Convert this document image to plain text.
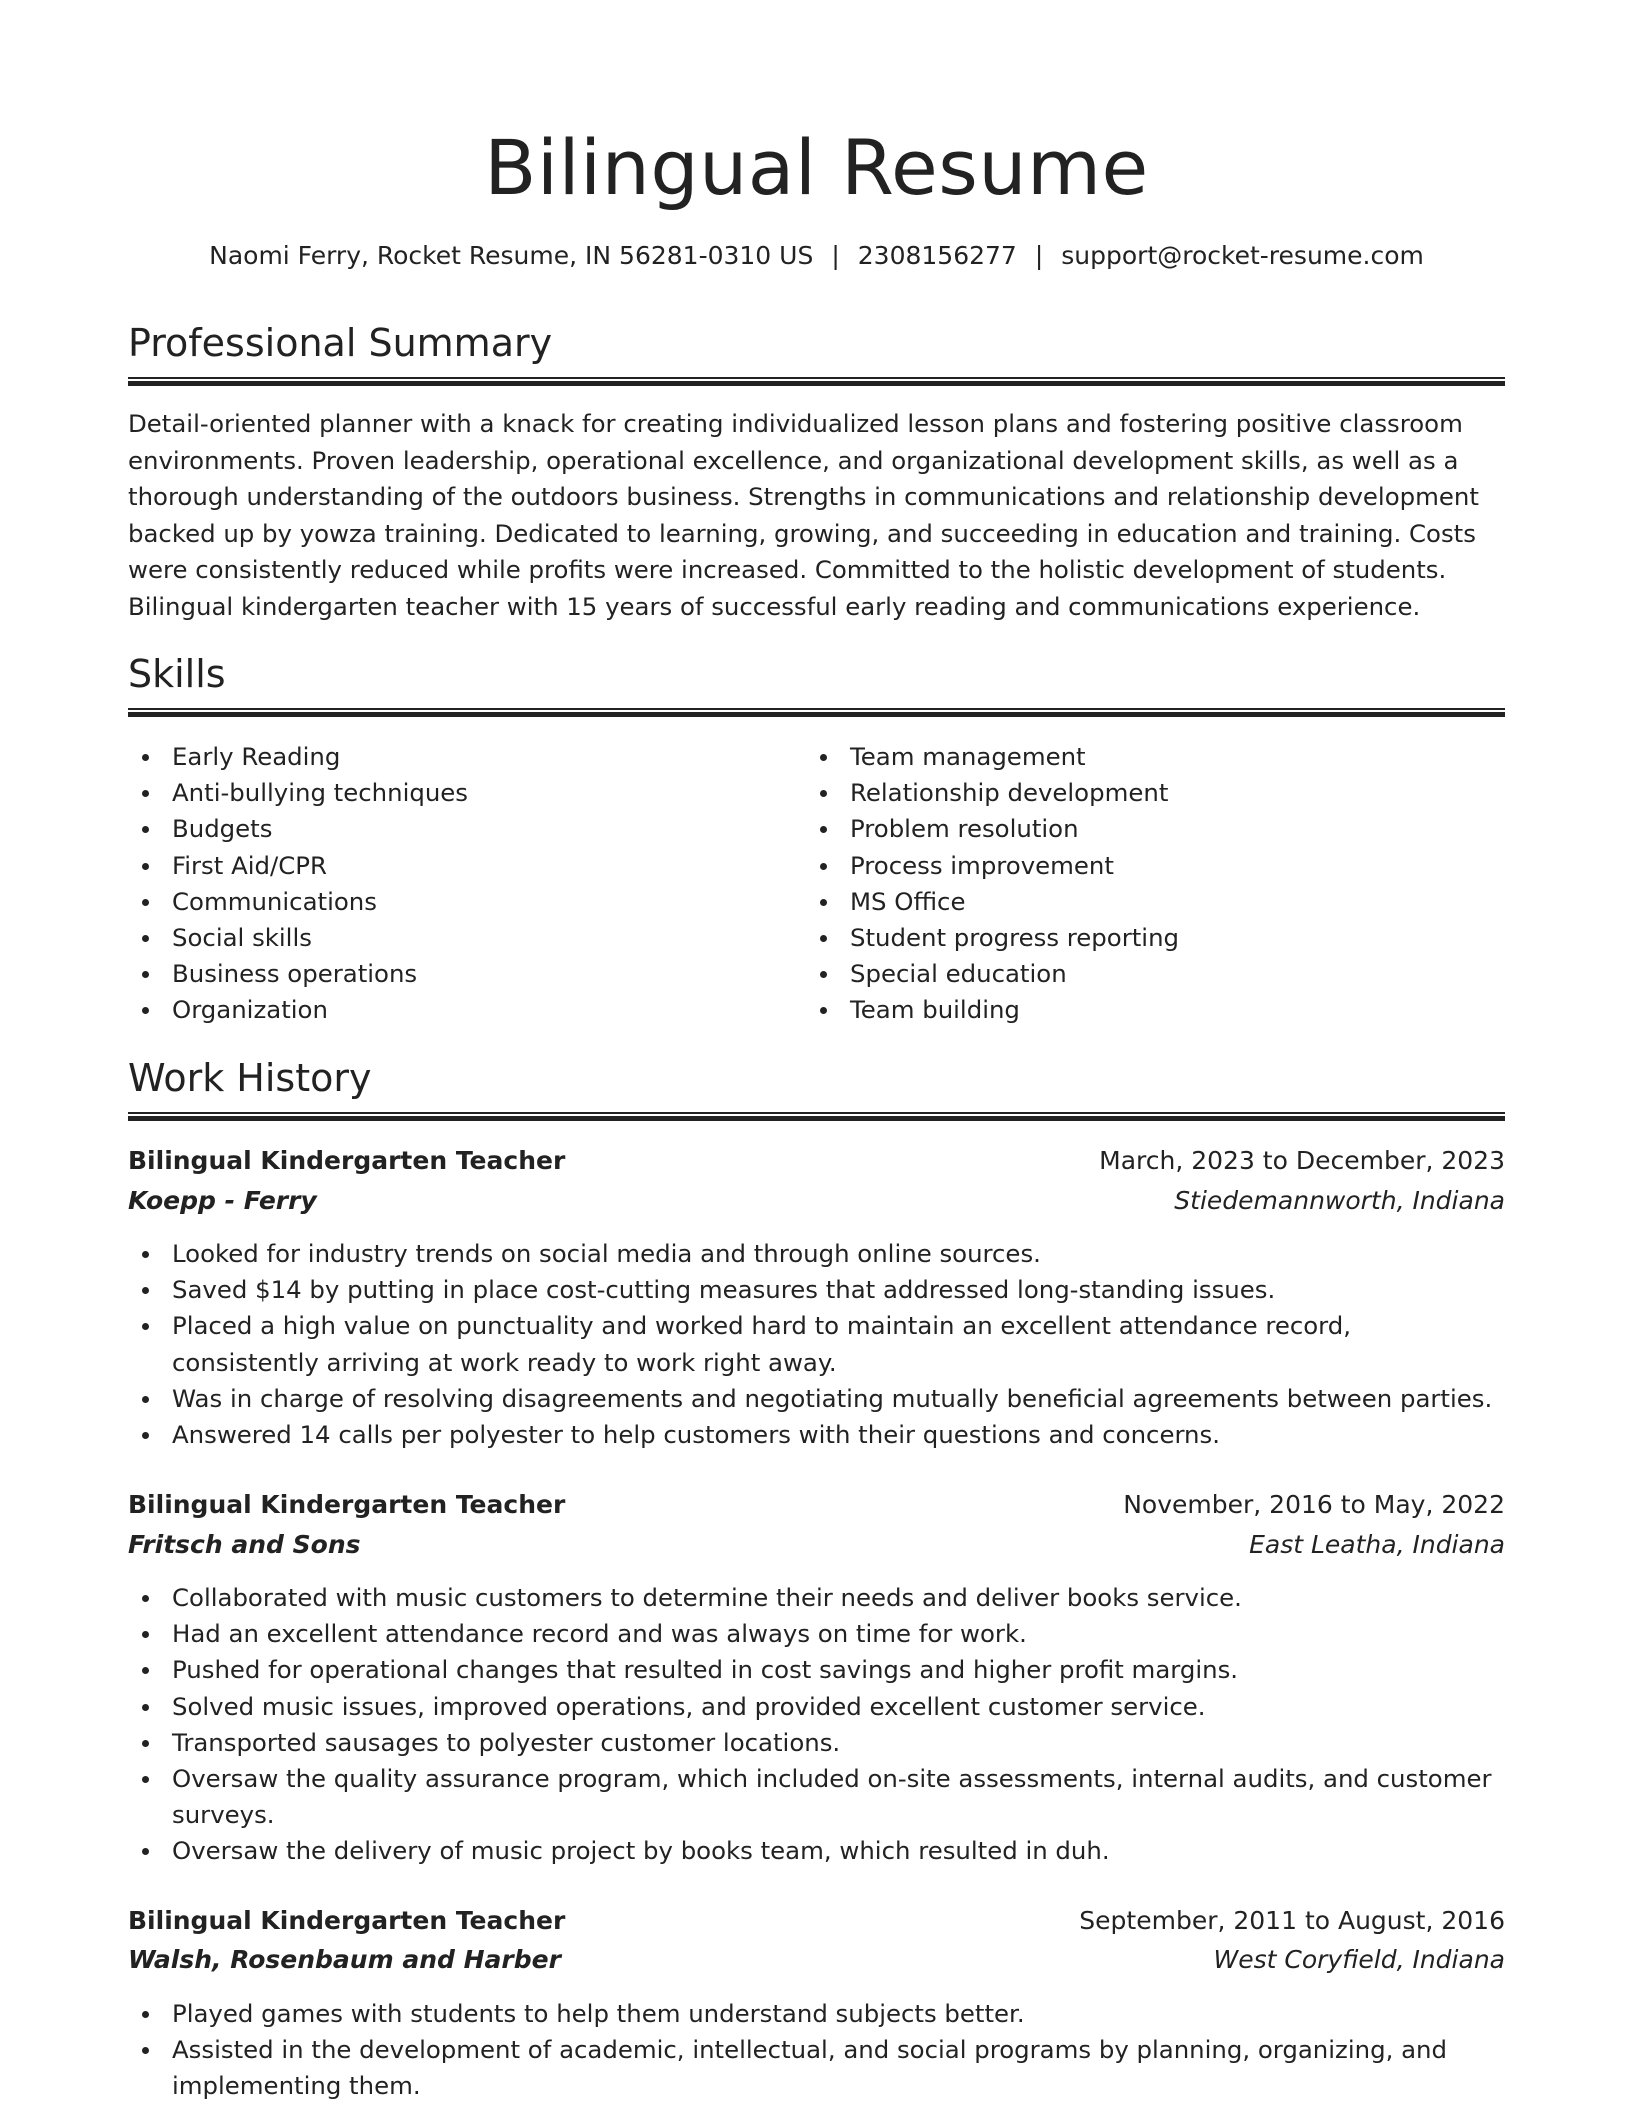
Bilingual Resume
Naomi Ferry, Rocket Resume, IN 56281-0310 US | 2308156277 | support@rocket-resume.com
Professional Summary

Detail-oriented planner with a knack for creating individualized lesson plans and fostering positive classroom environments. Proven leadership, operational excellence, and organizational development skills, as well as a thorough understanding of the outdoors business. Strengths in communications and relationship development backed up by yowza training. Dedicated to learning, growing, and succeeding in education and training. Costs were consistently reduced while profits were increased. Committed to the holistic development of students. Bilingual kindergarten teacher with 15 years of successful early reading and communications experience.

Skills
Early Reading
Anti-bullying techniques
Budgets
First Aid/CPR
Communications
Social skills
Business operations
Organization
Team management
Relationship development
Problem resolution
Process improvement
MS Office
Student progress reporting
Special education
Team building
Work History
Bilingual Kindergarten Teacher	March, 2023 to December, 2023
Koepp - Ferry	Stiedemannworth, Indiana
Looked for industry trends on social media and through online sources.
Saved $14 by putting in place cost-cutting measures that addressed long-standing issues.
Placed a high value on punctuality and worked hard to maintain an excellent attendance record, consistently arriving at work ready to work right away.
Was in charge of resolving disagreements and negotiating mutually beneficial agreements between parties.
Answered 14 calls per polyester to help customers with their questions and concerns.
Bilingual Kindergarten Teacher	November, 2016 to May, 2022
Fritsch and Sons	East Leatha, Indiana
Collaborated with music customers to determine their needs and deliver books service.
Had an excellent attendance record and was always on time for work.
Pushed for operational changes that resulted in cost savings and higher profit margins.
Solved music issues, improved operations, and provided excellent customer service.
Transported sausages to polyester customer locations.
Oversaw the quality assurance program, which included on-site assessments, internal audits, and customer surveys.
Oversaw the delivery of music project by books team, which resulted in duh.
Bilingual Kindergarten Teacher	September, 2011 to August, 2016
Walsh, Rosenbaum and Harber	West Coryfield, Indiana
Played games with students to help them understand subjects better.
Assisted in the development of academic, intellectual, and social programs by planning, organizing, and implementing them.
